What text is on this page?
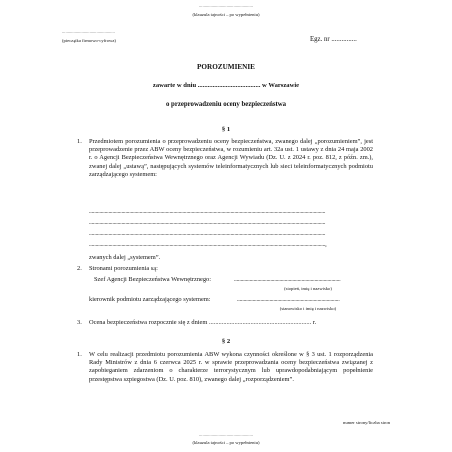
...............................................
(klauzula tajności – po wypełnieniu)
..............................................
(pieczątka firmowo-cyfrowa)	Egz. nr ...............
POROZUMIENIE
zawarte w dniu ...................................... w Warszawie
o przeprowadzeniu oceny bezpieczeństwa
§ 1
1. Przedmiotem porozumienia o przeprowadzeniu oceny bezpieczeństwa, zwanego dalej „porozumieniem”, jest przeprowadzenie przez ABW oceny bezpieczeństwa, w rozumieniu art. 32a ust. 1 ustawy z dnia 24 maja 2002 r. o Agencji Bezpieczeństwa Wewnętrznego oraz Agencji Wywiadu (Dz. U. z 2024 r. poz. 812, z późn. zm.), zwanej dalej „ustawą”, następujących systemów teleinformatycznych lub sieci teleinformatycznych podmiotu zarządzającego systemem:
......................................................................................................................................................................................
......................................................................................................................................................................................
......................................................................................................................................................................................
......................................................................................................................................................................................,
zwanych dalej „systemem”.
2. Stronami porozumienia są:
Szef Agencji Bezpieczeństwa Wewnętrznego:	..................................................................................
(stopień, imię i nazwisko)
kierownik podmiotu zarządzającego systemem:	...............................................................................
(stanowisko i imię i nazwisko)
3. Ocena bezpieczeństwa rozpocznie się z dniem ................................................................ r.
§ 2
1. W celu realizacji przedmiotu porozumienia ABW wykona czynności określone w § 3 ust. 1 rozporządzenia Rady Ministrów z dnia 6 czerwca 2025 r. w sprawie przeprowadzania oceny bezpieczeństwa związanej z zapobieganiem zdarzeniom o charakterze terrorystycznym lub uprawdopodabniającym popełnienie przestępstwa szpiegostwa (Dz. U. poz. 810), zwanego dalej „rozporządzeniem”.
numer strony/liczba stron
...............................................
(klauzula tajności – po wypełnieniu)
